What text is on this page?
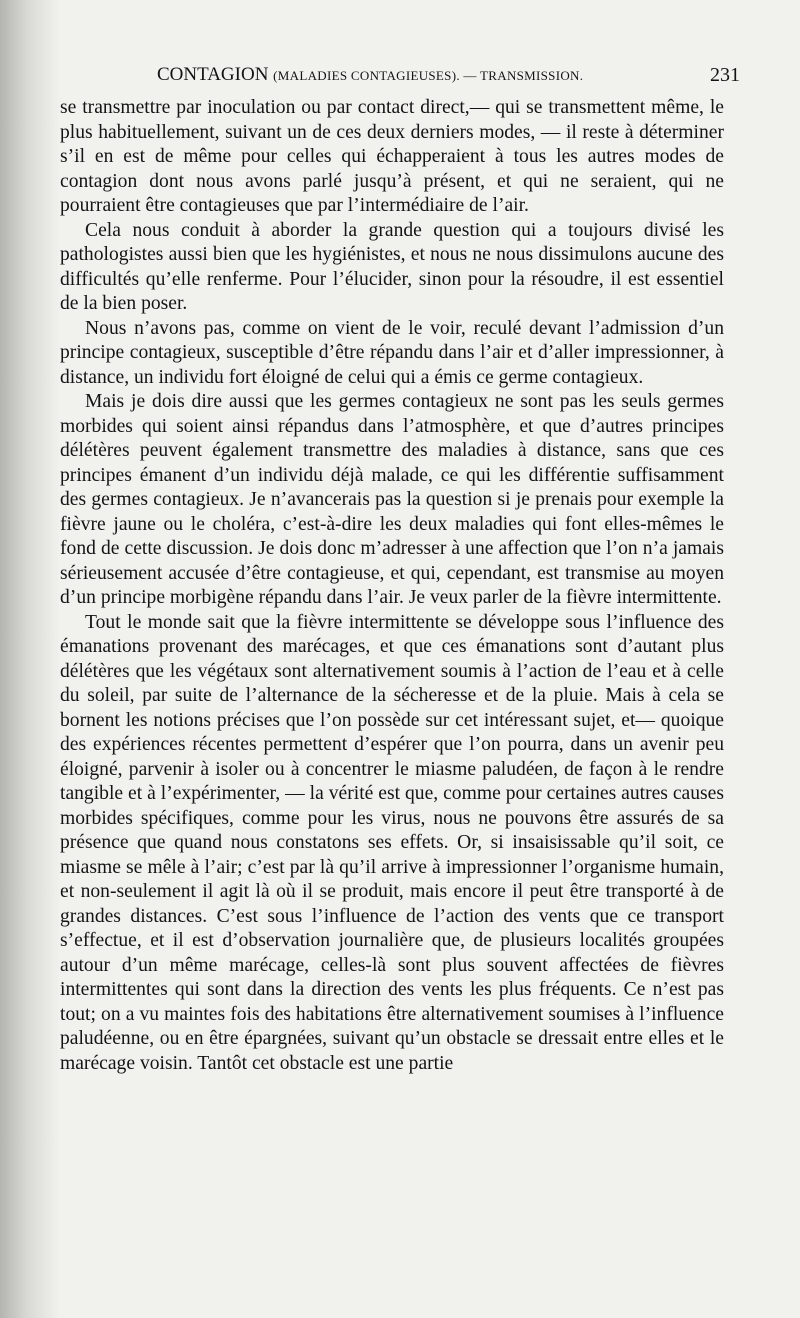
CONTAGION (MALADIES CONTAGIEUSES). — TRANSMISSION.	231

se transmettre par inoculation ou par contact direct,— qui se transmettent même, le plus habituellement, suivant un de ces deux derniers modes, — il reste à déterminer s’il en est de même pour celles qui échapperaient à tous les autres modes de contagion dont nous avons parlé jusqu’à présent, et qui ne seraient, qui ne pourraient être contagieuses que par l’intermédiaire de l’air.

Cela nous conduit à aborder la grande question qui a toujours divisé les pathologistes aussi bien que les hygiénistes, et nous ne nous dissimulons aucune des difficultés qu’elle renferme. Pour l’élucider, sinon pour la résoudre, il est essentiel de la bien poser.

Nous n’avons pas, comme on vient de le voir, reculé devant l’admission d’un principe contagieux, susceptible d’être répandu dans l’air et d’aller impressionner, à distance, un individu fort éloigné de celui qui a émis ce germe contagieux.

Mais je dois dire aussi que les germes contagieux ne sont pas les seuls germes morbides qui soient ainsi répandus dans l’atmosphère, et que d’autres principes délétères peuvent également transmettre des maladies à distance, sans que ces principes émanent d’un individu déjà malade, ce qui les différentie suffisamment des germes contagieux. Je n’avancerais pas la question si je prenais pour exemple la fièvre jaune ou le choléra, c’est-à-dire les deux maladies qui font elles-mêmes le fond de cette discussion. Je dois donc m’adresser à une affection que l’on n’a jamais sérieusement accusée d’être contagieuse, et qui, cependant, est transmise au moyen d’un principe morbigène répandu dans l’air. Je veux parler de la fièvre intermittente.

Tout le monde sait que la fièvre intermittente se développe sous l’influence des émanations provenant des marécages, et que ces émanations sont d’autant plus délétères que les végétaux sont alternativement soumis à l’action de l’eau et à celle du soleil, par suite de l’alternance de la sécheresse et de la pluie. Mais à cela se bornent les notions précises que l’on possède sur cet intéressant sujet, et— quoique des expériences récentes permettent d’espérer que l’on pourra, dans un avenir peu éloigné, parvenir à isoler ou à concentrer le miasme paludéen, de façon à le rendre tangible et à l’expérimenter, — la vérité est que, comme pour certaines autres causes morbides spécifiques, comme pour les virus, nous ne pouvons être assurés de sa présence que quand nous constatons ses effets. Or, si insaisissable qu’il soit, ce miasme se mêle à l’air; c’est par là qu’il arrive à impressionner l’organisme humain, et non-seulement il agit là où il se produit, mais encore il peut être transporté à de grandes distances. C’est sous l’influence de l’action des vents que ce transport s’effectue, et il est d’observation journalière que, de plusieurs localités groupées autour d’un même marécage, celles-là sont plus souvent affectées de fièvres intermittentes qui sont dans la direction des vents les plus fréquents. Ce n’est pas tout; on a vu maintes fois des habitations être alternativement soumises à l’influence paludéenne, ou en être épargnées, suivant qu’un obstacle se dressait entre elles et le marécage voisin. Tantôt cet obstacle est une partie
